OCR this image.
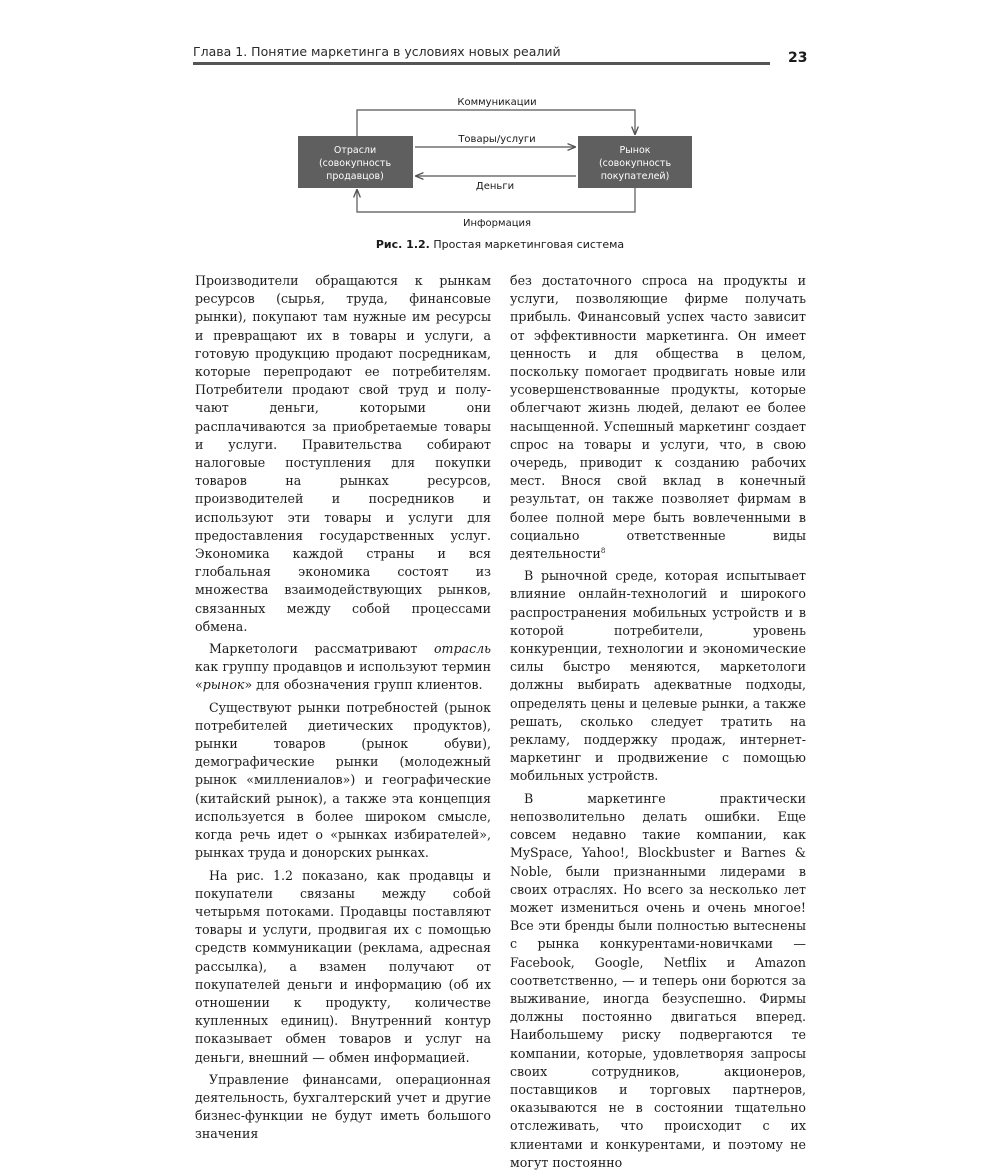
Глава 1. Понятие маркетинга в условиях новых реалий	23
Отрасли
(совокупность
продавцов)
Рынок
(совокупность
покупателей)
Коммуникации
Товары/услуги
Деньги
Информация
Рис. 1.2. Простая маркетинговая система

Производители обращаются к рынкам ресурсов (сырья, труда, финансовые рынки), покупают там нужные им ресурсы и превращают их в товары и услуги, а готовую продукцию продают посредникам, которые перепродают ее потребителям. Потребители продают свой труд и получают деньги, которыми они расплачиваются за приобретаемые товары и услуги. Правительства собирают налоговые поступления для покупки товаров на рынках ресурсов, производителей и посредников и используют эти товары и услуги для предоставления государственных услуг. Экономика каждой страны и вся глобальная экономика состоят из множества взаимодействующих рынков, связанных между собой процессами обмена.

Маркетологи рассматривают отрасль как группу продавцов и используют термин «рынок» для обозначения групп клиентов.

Существуют рынки потребностей (рынок потребителей диетических продуктов), рынки товаров (рынок обуви), демографические рынки (молодежный рынок «миллениалов») и географические (китайский рынок), а также эта концепция используется в более широком смысле, когда речь идет о «рынках избирателей», рынках труда и донорских рынках.

На рис. 1.2 показано, как продавцы и покупатели связаны между собой четырьмя потоками. Продавцы поставляют товары и услуги, продвигая их с помощью средств коммуникации (реклама, адресная рассылка), а взамен получают от покупателей деньги и информацию (об их отношении к продукту, количестве купленных единиц). Внутренний контур показывает обмен товаров и услуг на деньги, внешний — обмен информацией.

Управление финансами, операционная деятельность, бухгалтерский учет и другие бизнес-функции не будут иметь большого значения

без достаточного спроса на продукты и услуги, позволяющие фирме получать прибыль. Финансовый успех часто зависит от эффективности маркетинга. Он имеет ценность и для общества в целом, поскольку помогает продвигать новые или усовершенствованные продукты, которые облегчают жизнь людей, делают ее более насыщенной. Успешный маркетинг создает спрос на товары и услуги, что, в свою очередь, приводит к созданию рабочих мест. Внося свой вклад в конечный результат, он также позволяет фирмам в более полной мере быть вовлеченными в социально ответственные виды деятельности$^8$

В рыночной среде, которая испытывает влияние онлайн-технологий и широкого распространения мобильных устройств и в которой потребители, уровень конкуренции, технологии и экономические силы быстро меняются, маркетологи должны выбирать адекватные подходы, определять цены и целевые рынки, а также решать, сколько следует тратить на рекламу, поддержку продаж, интернет-маркетинг и продвижение с помощью мобильных устройств.

В маркетинге практически непозволительно делать ошибки. Еще совсем недавно такие компании, как MySpace, Yahoo!, Blockbuster и Barnes & Noble, были признанными лидерами в своих отраслях. Но всего за несколько лет может измениться очень и очень многое! Все эти бренды были полностью вытеснены с рынка конкурентами-новичками — Facebook, Google, Netflix и Amazon соответственно, — и теперь они борются за выживание, иногда безуспешно. Фирмы должны постоянно двигаться вперед. Наибольшему риску подвергаются те компании, которые, удовлетворяя запросы своих сотрудников, акционеров, поставщиков и торговых партнеров, оказываются не в состоянии тщательно отслеживать, что происходит с их клиентами и конкурентами, и поэтому не могут постоянно
